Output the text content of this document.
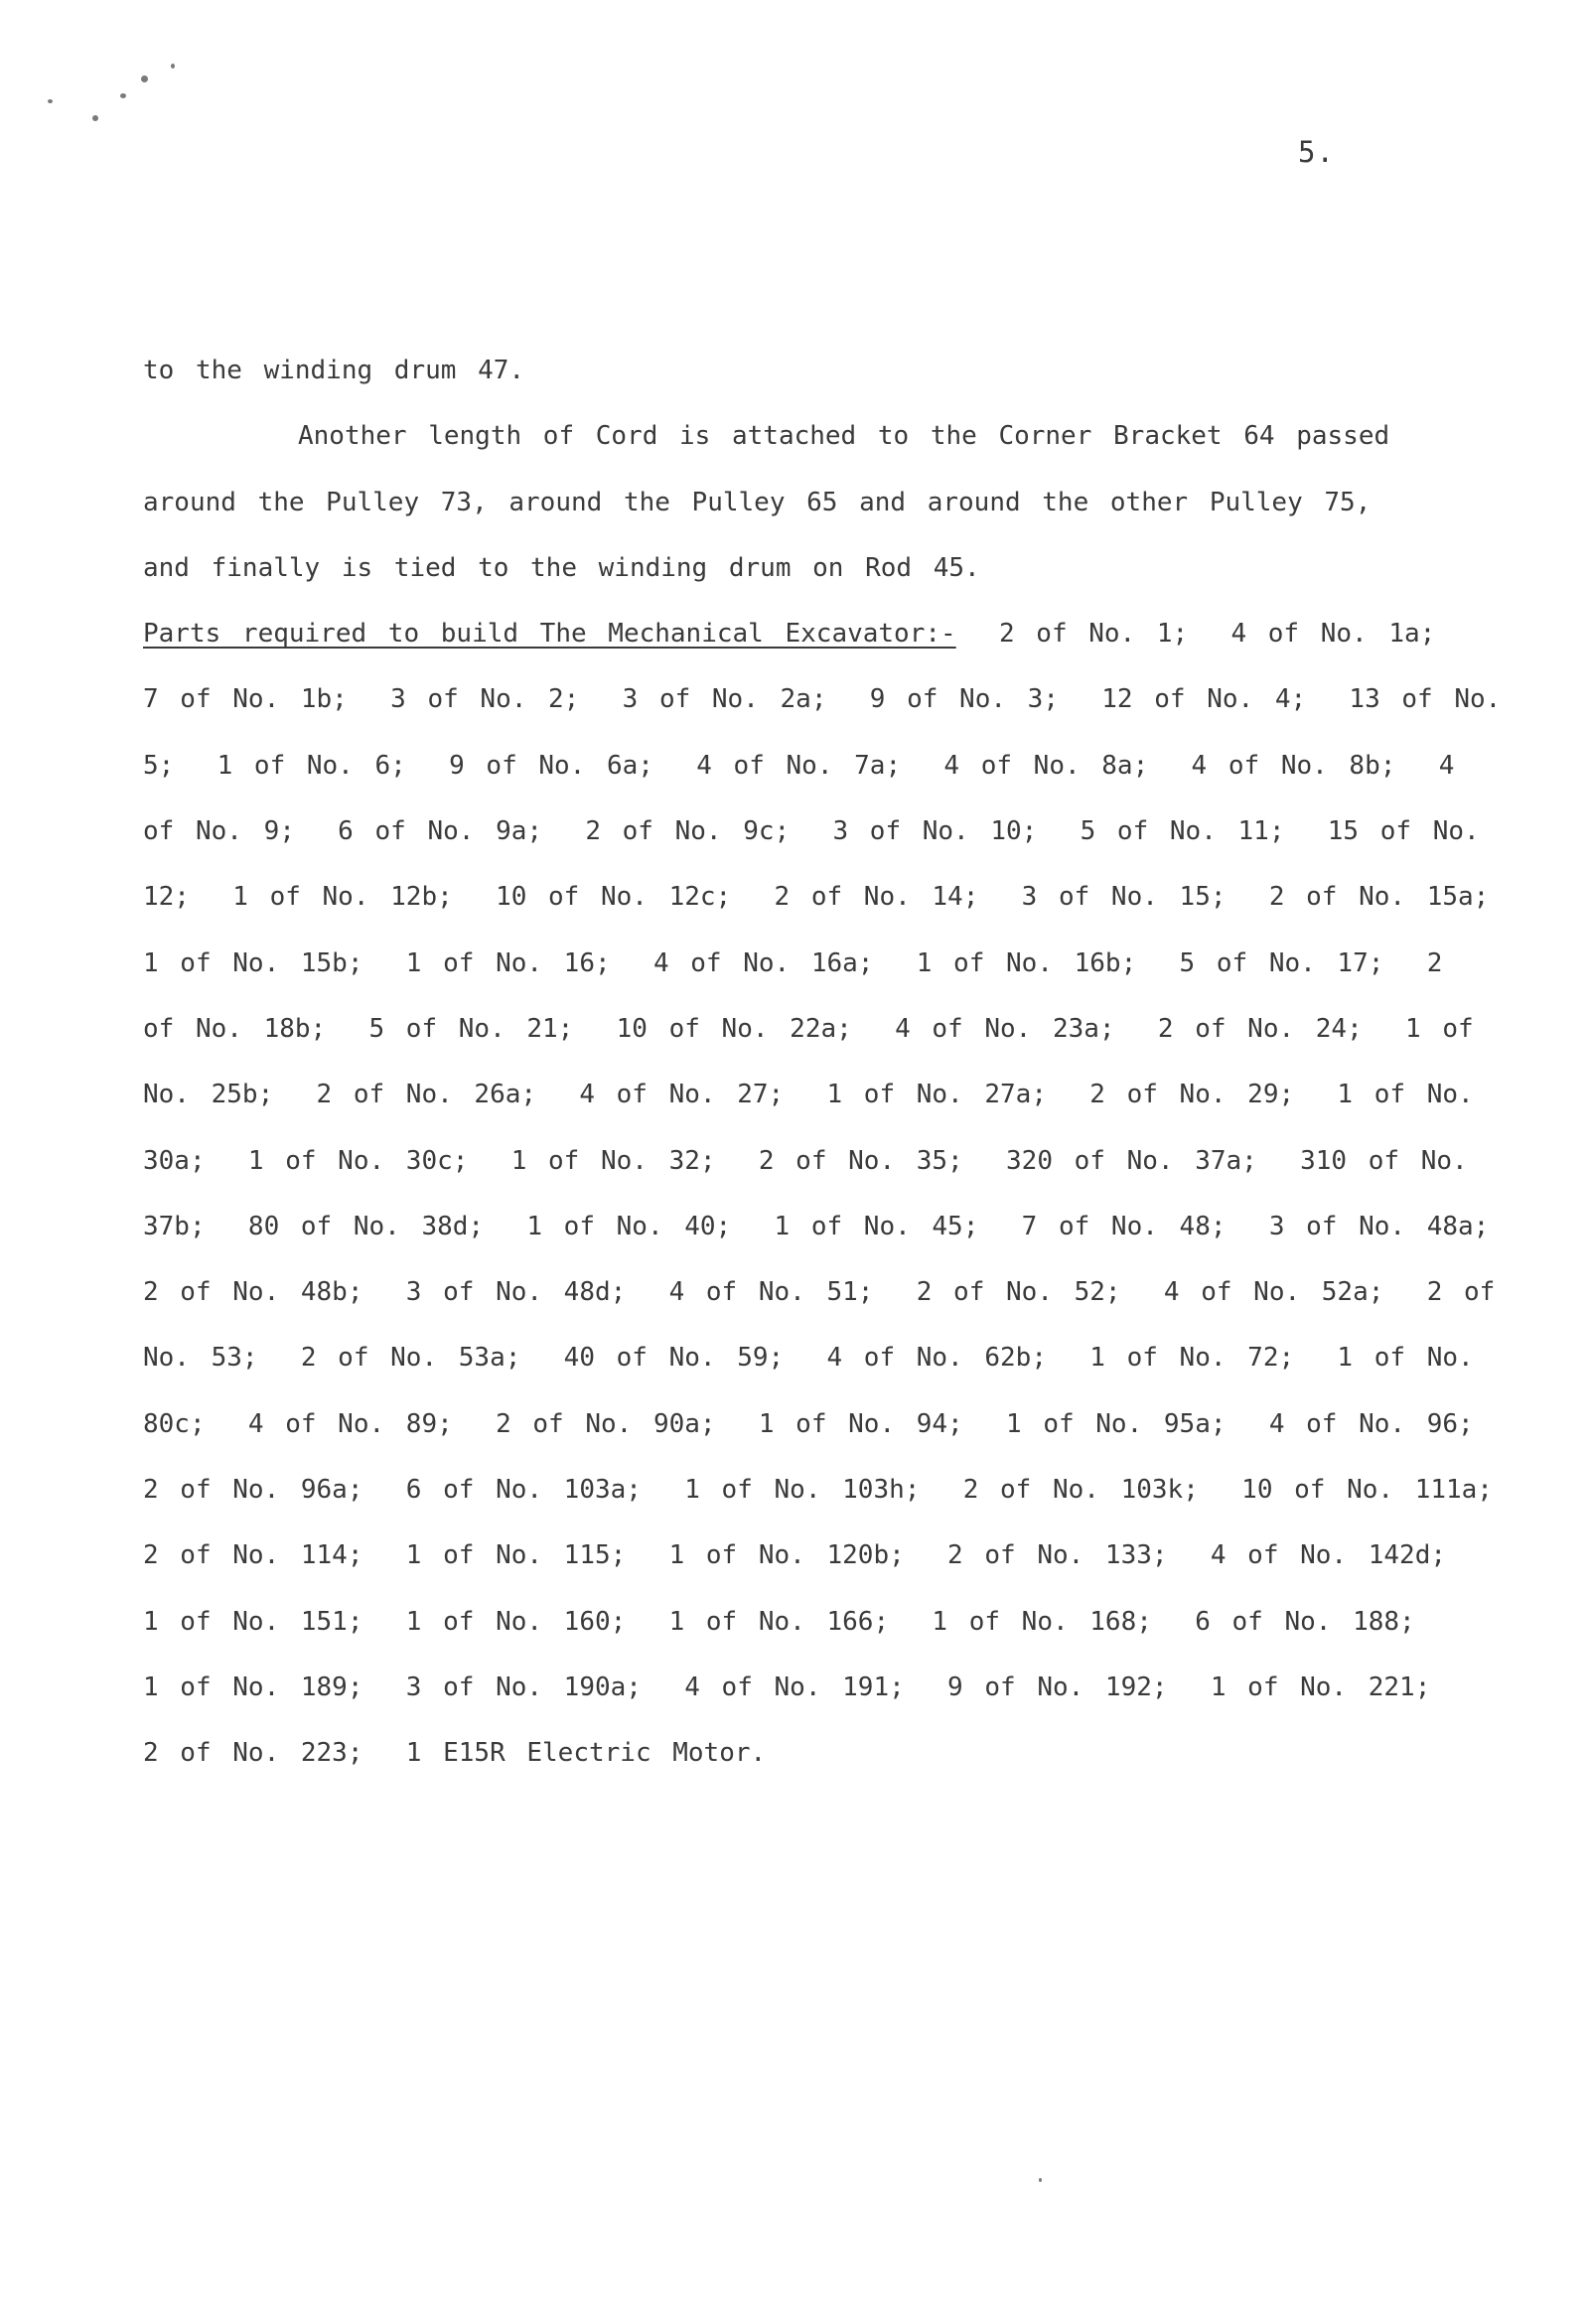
5.
to the winding drum 47.
Another length of Cord is attached to the Corner Bracket 64 passed
around the Pulley 73, around the Pulley 65 and around the other Pulley 75,
and finally is tied to the winding drum on Rod 45.
Parts required to build The Mechanical Excavator:-  2 of No. 1;  4 of No. 1a;
7 of No. 1b;  3 of No. 2;  3 of No. 2a;  9 of No. 3;  12 of No. 4;  13 of No.
5;  1 of No. 6;  9 of No. 6a;  4 of No. 7a;  4 of No. 8a;  4 of No. 8b;  4
of No. 9;  6 of No. 9a;  2 of No. 9c;  3 of No. 10;  5 of No. 11;  15 of No.
12;  1 of No. 12b;  10 of No. 12c;  2 of No. 14;  3 of No. 15;  2 of No. 15a;
1 of No. 15b;  1 of No. 16;  4 of No. 16a;  1 of No. 16b;  5 of No. 17;  2
of No. 18b;  5 of No. 21;  10 of No. 22a;  4 of No. 23a;  2 of No. 24;  1 of
No. 25b;  2 of No. 26a;  4 of No. 27;  1 of No. 27a;  2 of No. 29;  1 of No.
30a;  1 of No. 30c;  1 of No. 32;  2 of No. 35;  320 of No. 37a;  310 of No.
37b;  80 of No. 38d;  1 of No. 40;  1 of No. 45;  7 of No. 48;  3 of No. 48a;
2 of No. 48b;  3 of No. 48d;  4 of No. 51;  2 of No. 52;  4 of No. 52a;  2 of
No. 53;  2 of No. 53a;  40 of No. 59;  4 of No. 62b;  1 of No. 72;  1 of No.
80c;  4 of No. 89;  2 of No. 90a;  1 of No. 94;  1 of No. 95a;  4 of No. 96;
2 of No. 96a;  6 of No. 103a;  1 of No. 103h;  2 of No. 103k;  10 of No. 111a;
2 of No. 114;  1 of No. 115;  1 of No. 120b;  2 of No. 133;  4 of No. 142d;
1 of No. 151;  1 of No. 160;  1 of No. 166;  1 of No. 168;  6 of No. 188;
1 of No. 189;  3 of No. 190a;  4 of No. 191;  9 of No. 192;  1 of No. 221;
2 of No. 223;  1 E15R Electric Motor.
